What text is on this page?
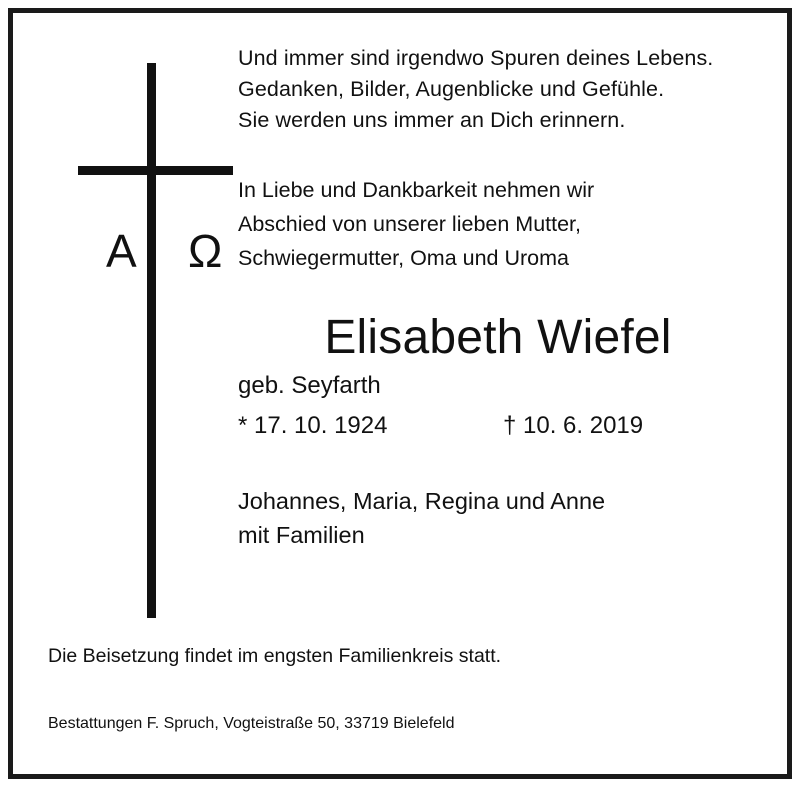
A Ω
Und immer sind irgendwo Spuren deines Lebens.
Gedanken, Bilder, Augenblicke und Gefühle.
Sie werden uns immer an Dich erinnern.
In Liebe und Dankbarkeit nehmen wir
Abschied von unserer lieben Mutter,
Schwiegermutter, Oma und Uroma
Elisabeth Wiefel
geb. Seyfarth
* 17. 10. 1924	† 10. 6. 2019
Johannes, Maria, Regina und Anne
mit Familien
Die Beisetzung findet im engsten Familienkreis statt.
Bestattungen F. Spruch, Vogteistraße 50, 33719 Bielefeld
